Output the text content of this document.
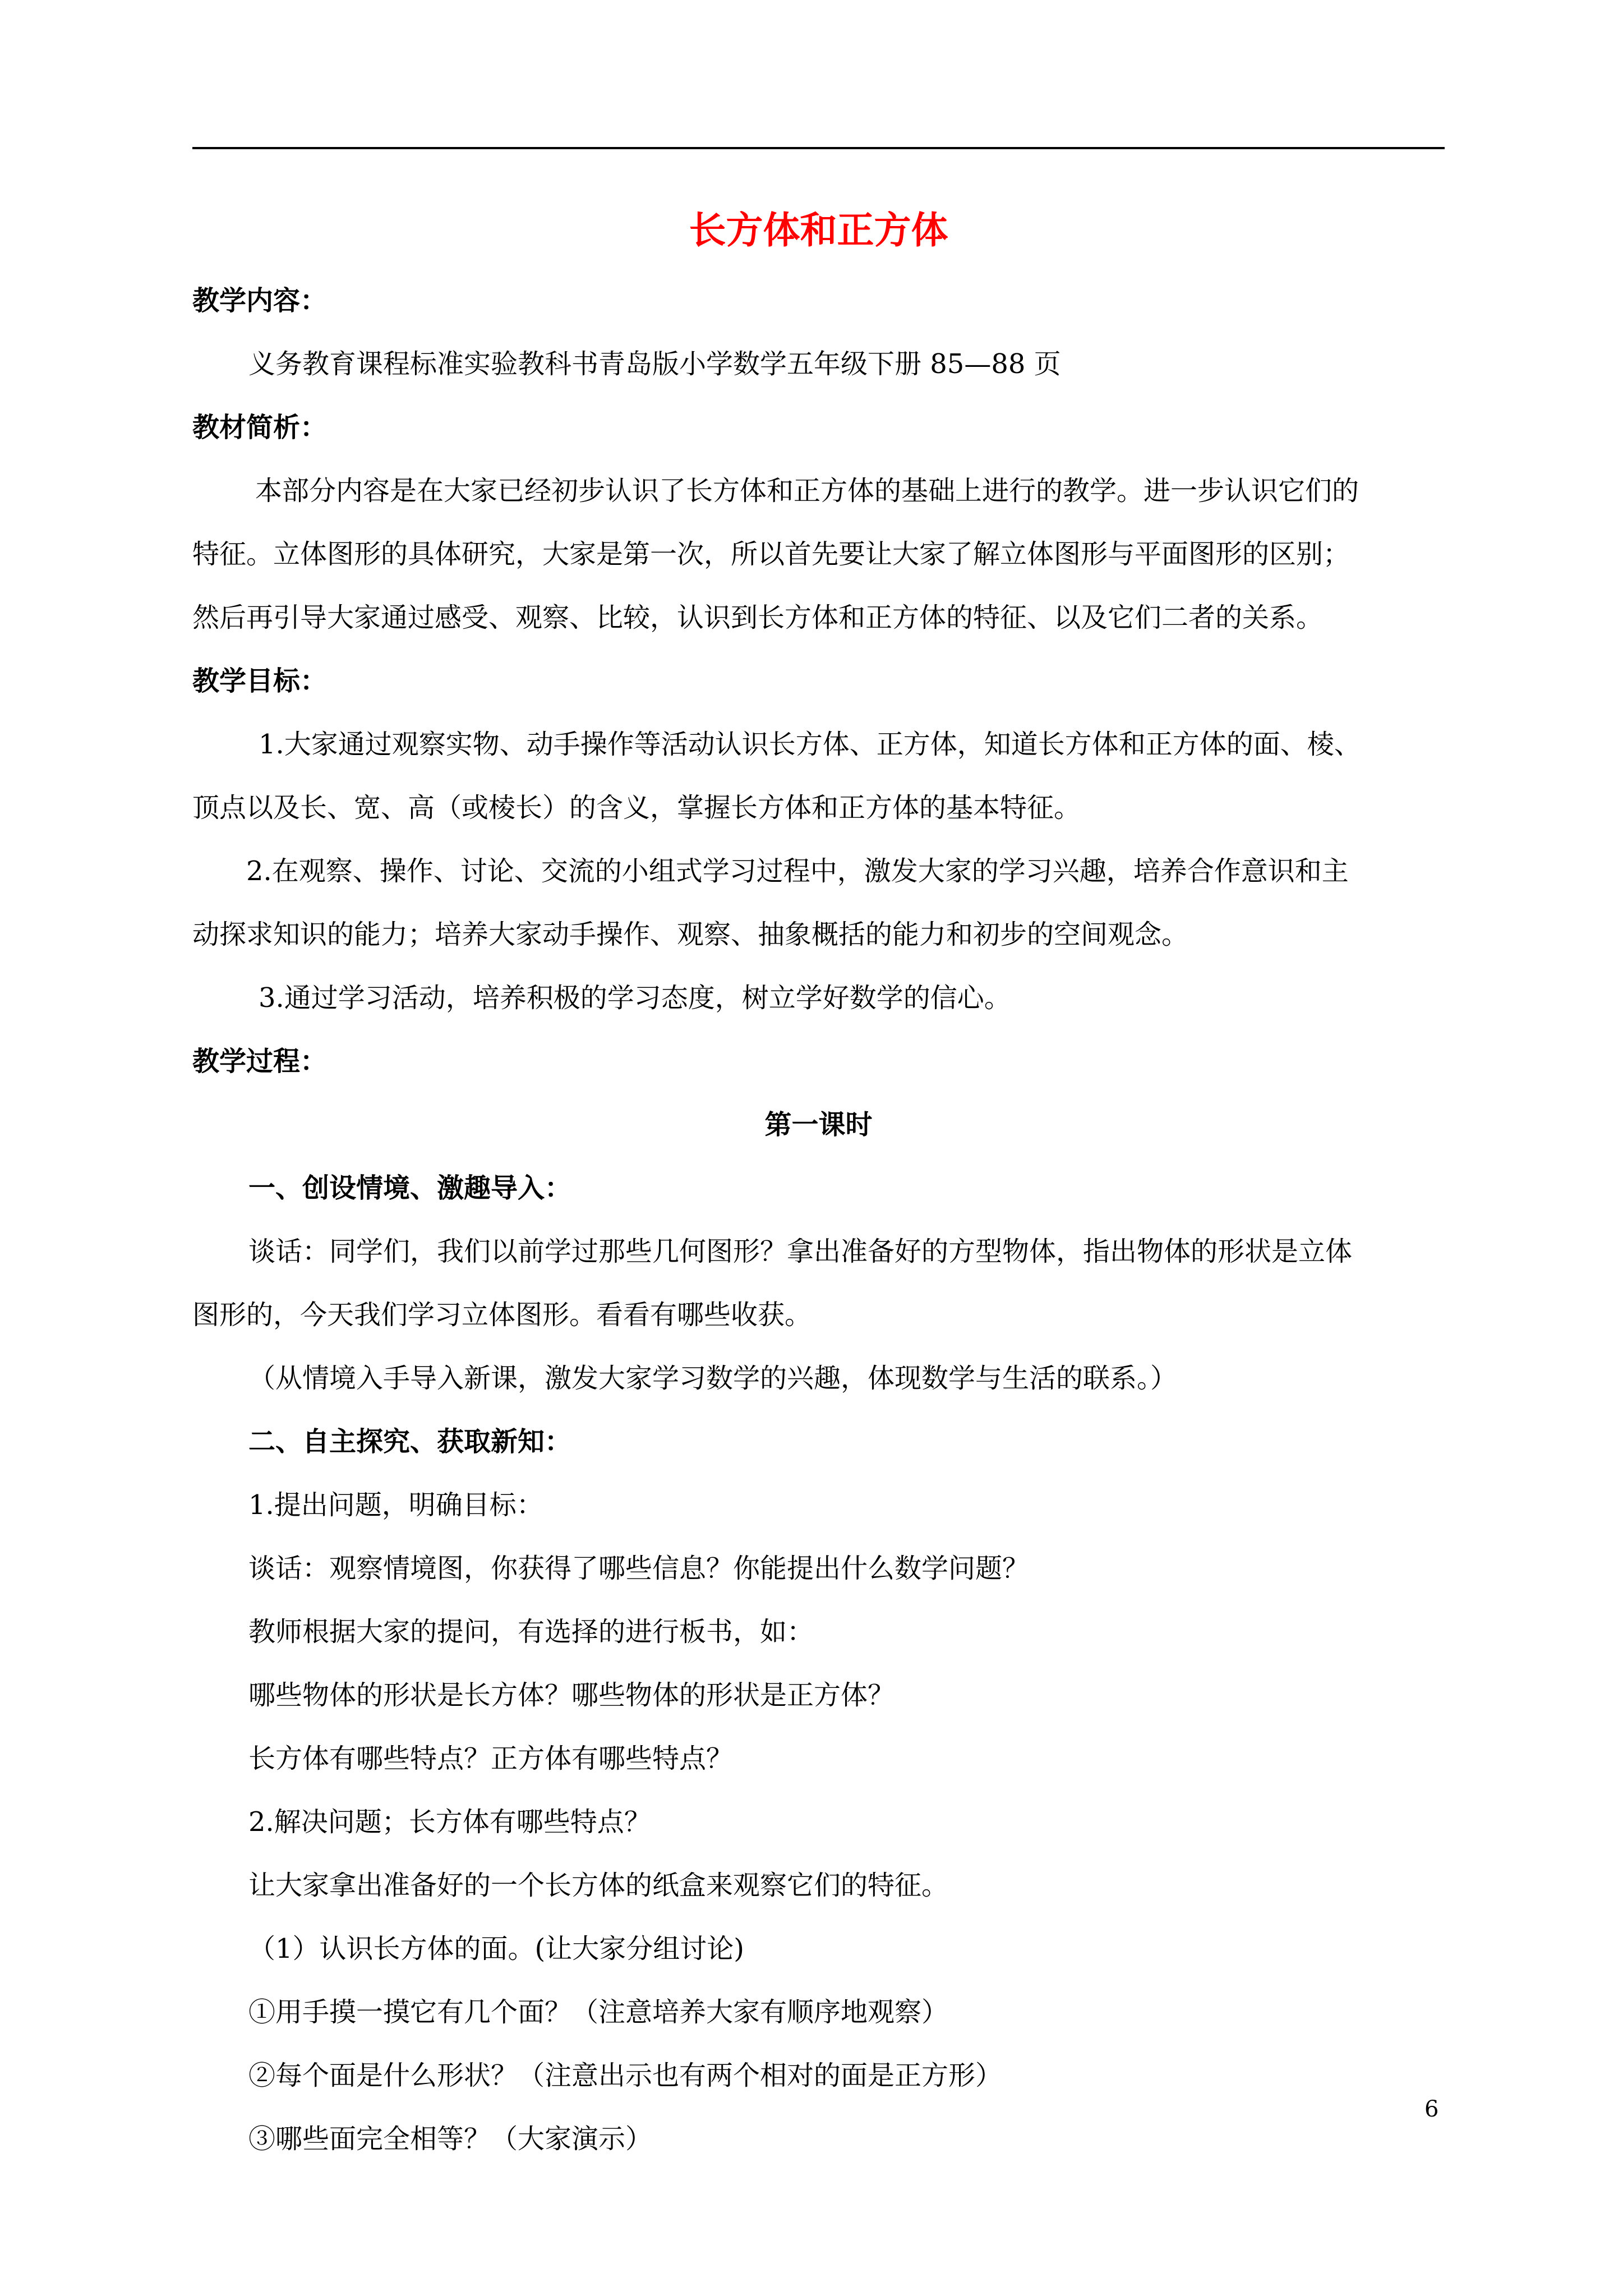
长方体和正方体

教学内容：

义务教育课程标准实验教科书青岛版小学数学五年级下册 85—88 页

教材简析：

本部分内容是在大家已经初步认识了长方体和正方体的基础上进行的教学。进一步认识它们的

特征。立体图形的具体研究，大家是第一次，所以首先要让大家了解立体图形与平面图形的区别；

然后再引导大家通过感受、观察、比较，认识到长方体和正方体的特征、以及它们二者的关系。

教学目标：

1.大家通过观察实物、动手操作等活动认识长方体、正方体，知道长方体和正方体的面、棱、

顶点以及长、宽、高（或棱长）的含义，掌握长方体和正方体的基本特征。

2.在观察、操作、讨论、交流的小组式学习过程中，激发大家的学习兴趣，培养合作意识和主

动探求知识的能力；培养大家动手操作、观察、抽象概括的能力和初步的空间观念。

3.通过学习活动，培养积极的学习态度，树立学好数学的信心。

教学过程：

第一课时

一、创设情境、激趣导入：

谈话：同学们，我们以前学过那些几何图形？拿出准备好的方型物体，指出物体的形状是立体

图形的，今天我们学习立体图形。看看有哪些收获。

（从情境入手导入新课，激发大家学习数学的兴趣，体现数学与生活的联系。）

二、自主探究、获取新知：

1.提出问题，明确目标：

谈话：观察情境图，你获得了哪些信息？你能提出什么数学问题？

教师根据大家的提问，有选择的进行板书，如：

哪些物体的形状是长方体？哪些物体的形状是正方体？

长方体有哪些特点？正方体有哪些特点？

2.解决问题；长方体有哪些特点？

让大家拿出准备好的一个长方体的纸盒来观察它们的特征。

（1）认识长方体的面。(让大家分组讨论)

①用手摸一摸它有几个面？（注意培养大家有顺序地观察）

②每个面是什么形状？（注意出示也有两个相对的面是正方形）

③哪些面完全相等？（大家演示）

6
